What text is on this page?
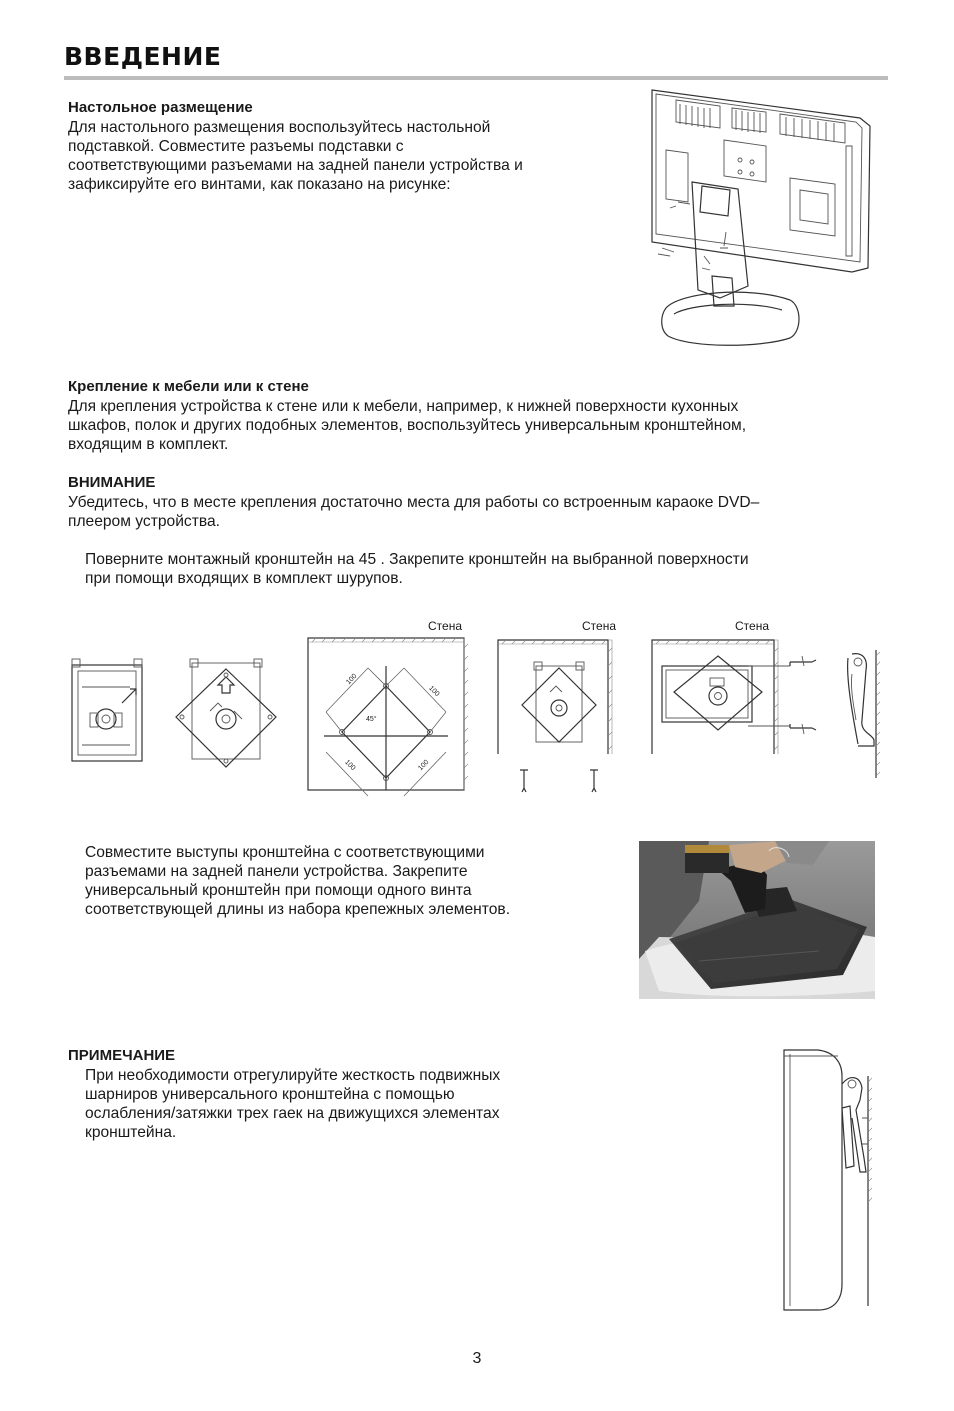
ВВЕДЕНИЕ
Настольное размещение
Для настольного размещения воспользуйтесь настольной
подставкой. Совместите разъемы подставки с
соответствующими разъемами на задней панели устройства и
зафиксируйте его винтами, как показано на рисунке:
Крепление к мебели или к стене
Для крепления устройства к стене или к мебели, например, к нижней поверхности кухонных
шкафов, полок и других подобных элементов, воспользуйтесь универсальным кронштейном,
входящим в комплект.
ВНИМАНИЕ
Убедитесь, что в месте крепления достаточно места для работы со встроенным караоке DVD–
плеером устройства.
Поверните монтажный кронштейн на 45 . Закрепите кронштейн на выбранной поверхности
при помощи входящих в комплект шурупов.
Стена	Стена	Стена
100
100
100	100
45°
Совместите выступы кронштейна с соответствующими
разъемами на задней панели устройства. Закрепите
универсальный кронштейн при помощи одного винта
соответствующей длины из набора крепежных элементов.
ПРИМЕЧАНИЕ
При необходимости отрегулируйте жесткость подвижных
шарниров универсального кронштейна с помощью
ослабления/затяжки трех гаек на движущихся элементах
кронштейна.
3
